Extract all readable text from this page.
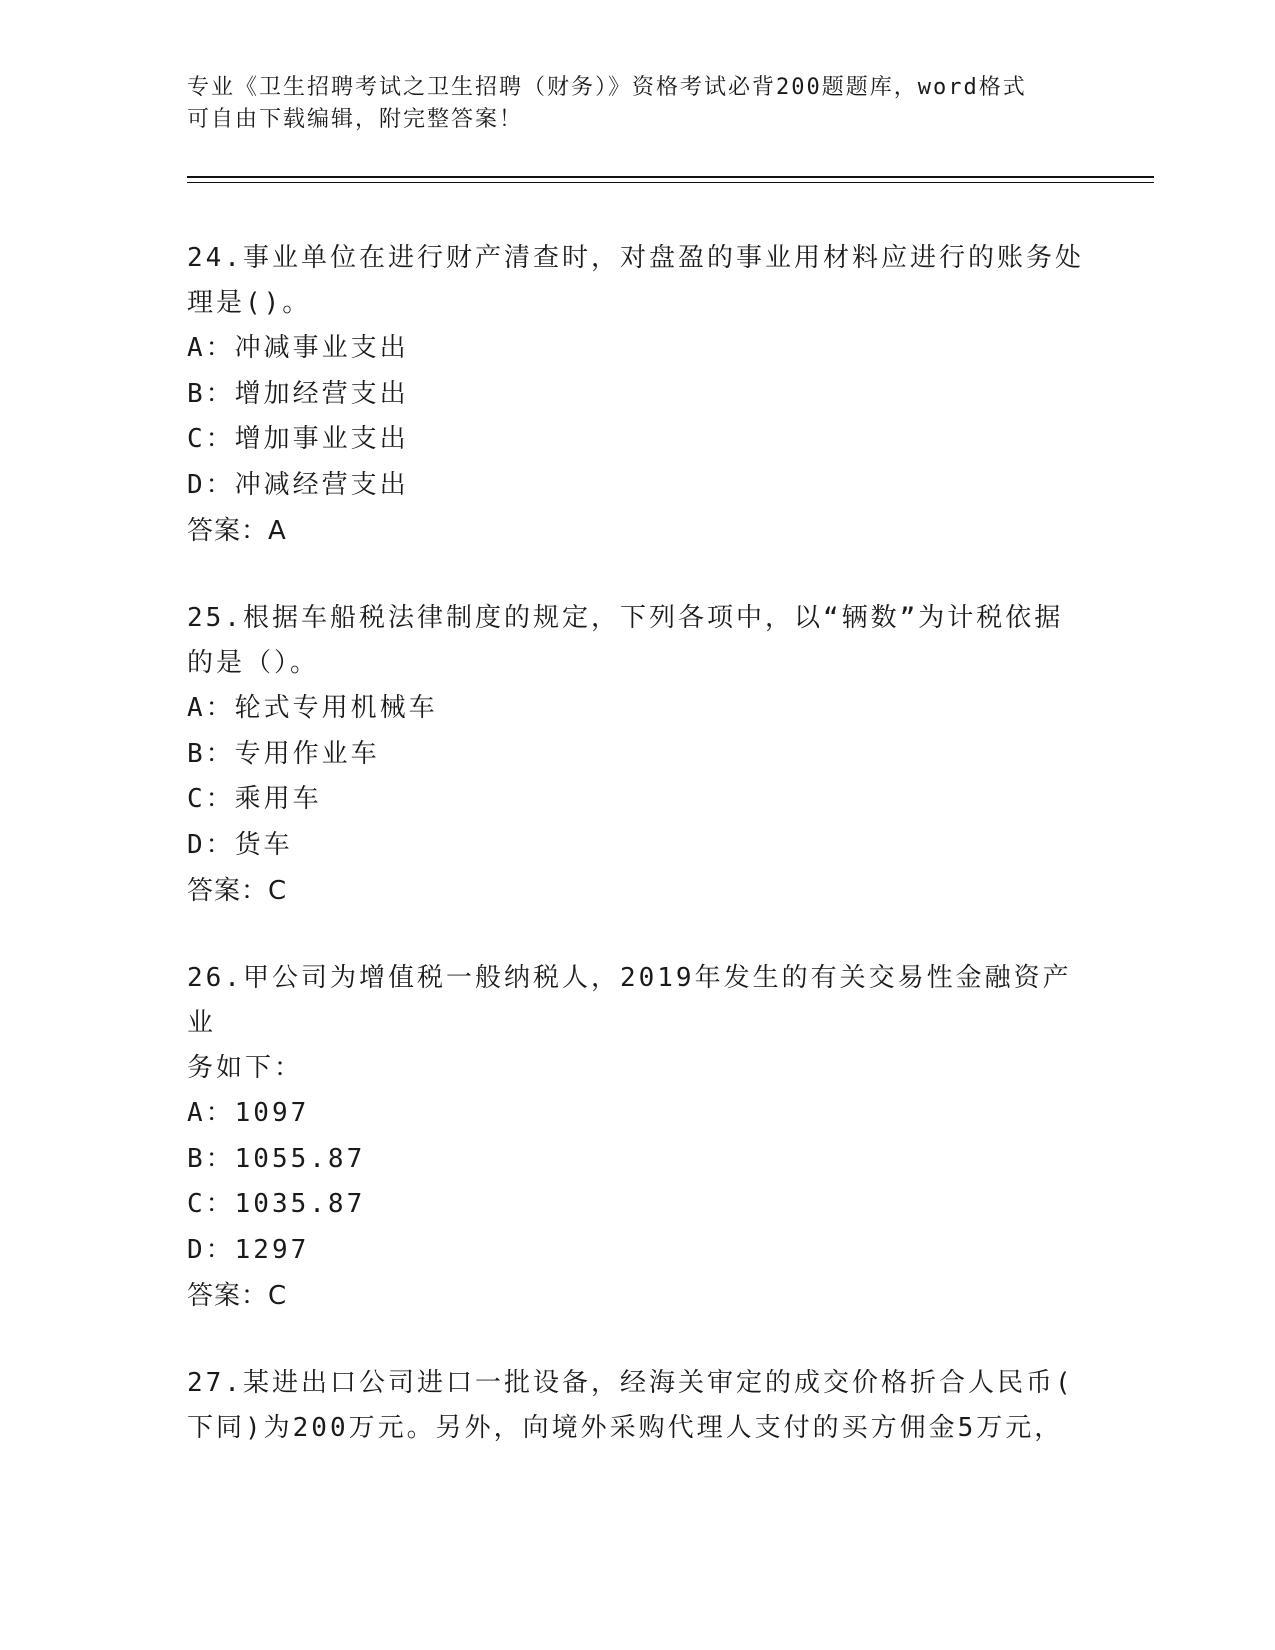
专业《卫生招聘考试之卫生招聘（财务）》资格考试必背200题题库，word格式

可自由下载编辑，附完整答案！

24.事业单位在进行财产清查时，对盘盈的事业用材料应进行的账务处

理是()。

A：冲减事业支出

B：增加经营支出

C：增加事业支出

D：冲减经营支出

答案：A

25.根据车船税法律制度的规定，下列各项中，以“辆数”为计税依据

的是（）。

A：轮式专用机械车

B：专用作业车

C：乘用车

D：货车

答案：C

26.甲公司为增值税一般纳税人，2019年发生的有关交易性金融资产业

务如下：

A：1097

B：1055.87

C：1035.87

D：1297

答案：C

27.某进出口公司进口一批设备，经海关审定的成交价格折合人民币(

下同)为200万元。另外，向境外采购代理人支付的买方佣金5万元，
